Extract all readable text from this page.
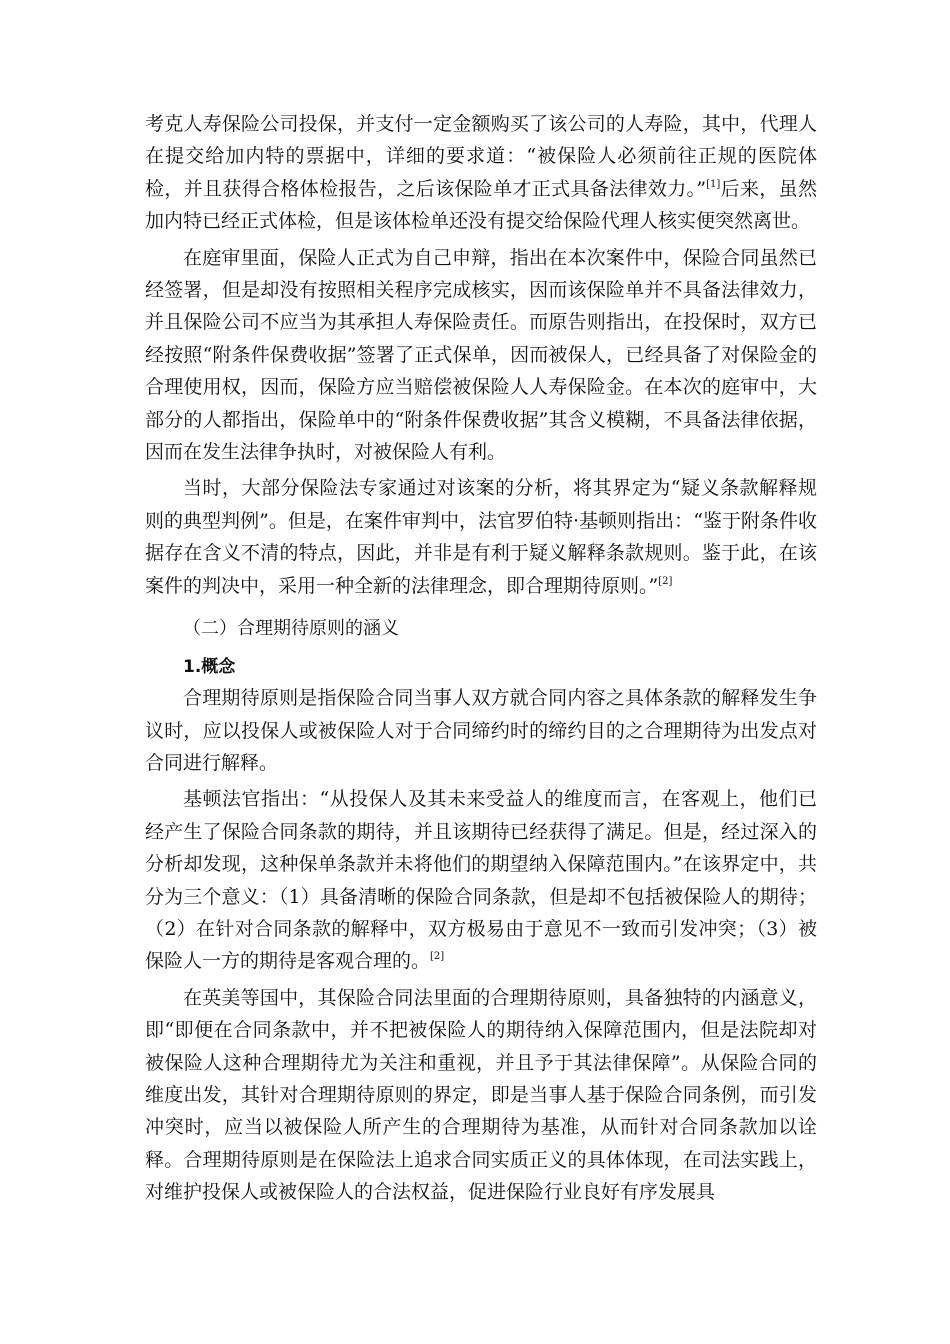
考克人寿保险公司投保，并支付一定金额购买了该公司的人寿险，其中，代理人在提交给加内特的票据中，详细的要求道：“被保险人必须前往正规的医院体检，并且获得合格体检报告，之后该保险单才正式具备法律效力。”[1]后来，虽然加内特已经正式体检，但是该体检单还没有提交给保险代理人核实便突然离世。

在庭审里面，保险人正式为自己申辩，指出在本次案件中，保险合同虽然已经签署，但是却没有按照相关程序完成核实，因而该保险单并不具备法律效力，并且保险公司不应当为其承担人寿保险责任。而原告则指出，在投保时，双方已经按照“附条件保费收据”签署了正式保单，因而被保人，已经具备了对保险金的合理使用权，因而，保险方应当赔偿被保险人人寿保险金。在本次的庭审中，大部分的人都指出，保险单中的“附条件保费收据”其含义模糊，不具备法律依据，因而在发生法律争执时，对被保险人有利。

当时，大部分保险法专家通过对该案的分析，将其界定为“疑义条款解释规则的典型判例”。但是，在案件审判中，法官罗伯特·基顿则指出：“鉴于附条件收据存在含义不清的特点，因此，并非是有利于疑义解释条款规则。鉴于此，在该案件的判决中，采用一种全新的法律理念，即合理期待原则。”[2]

（二）合理期待原则的涵义
1.概念

合理期待原则是指保险合同当事人双方就合同内容之具体条款的解释发生争议时，应以投保人或被保险人对于合同缔约时的缔约目的之合理期待为出发点对合同进行解释。

基顿法官指出：“从投保人及其未来受益人的维度而言，在客观上，他们已经产生了保险合同条款的期待，并且该期待已经获得了满足。但是，经过深入的分析却发现，这种保单条款并未将他们的期望纳入保障范围内。”在该界定中，共分为三个意义：（1）具备清晰的保险合同条款，但是却不包括被保险人的期待；（2）在针对合同条款的解释中，双方极易由于意见不一致而引发冲突；（3）被保险人一方的期待是客观合理的。[2]

在英美等国中，其保险合同法里面的合理期待原则，具备独特的内涵意义，即“即便在合同条款中，并不把被保险人的期待纳入保障范围内，但是法院却对被保险人这种合理期待尤为关注和重视，并且予于其法律保障”。从保险合同的维度出发，其针对合理期待原则的界定，即是当事人基于保险合同条例，而引发冲突时，应当以被保险人所产生的合理期待为基准，从而针对合同条款加以诠释。合理期待原则是在保险法上追求合同实质正义的具体体现，在司法实践上，对维护投保人或被保险人的合法权益，促进保险行业良好有序发展具
